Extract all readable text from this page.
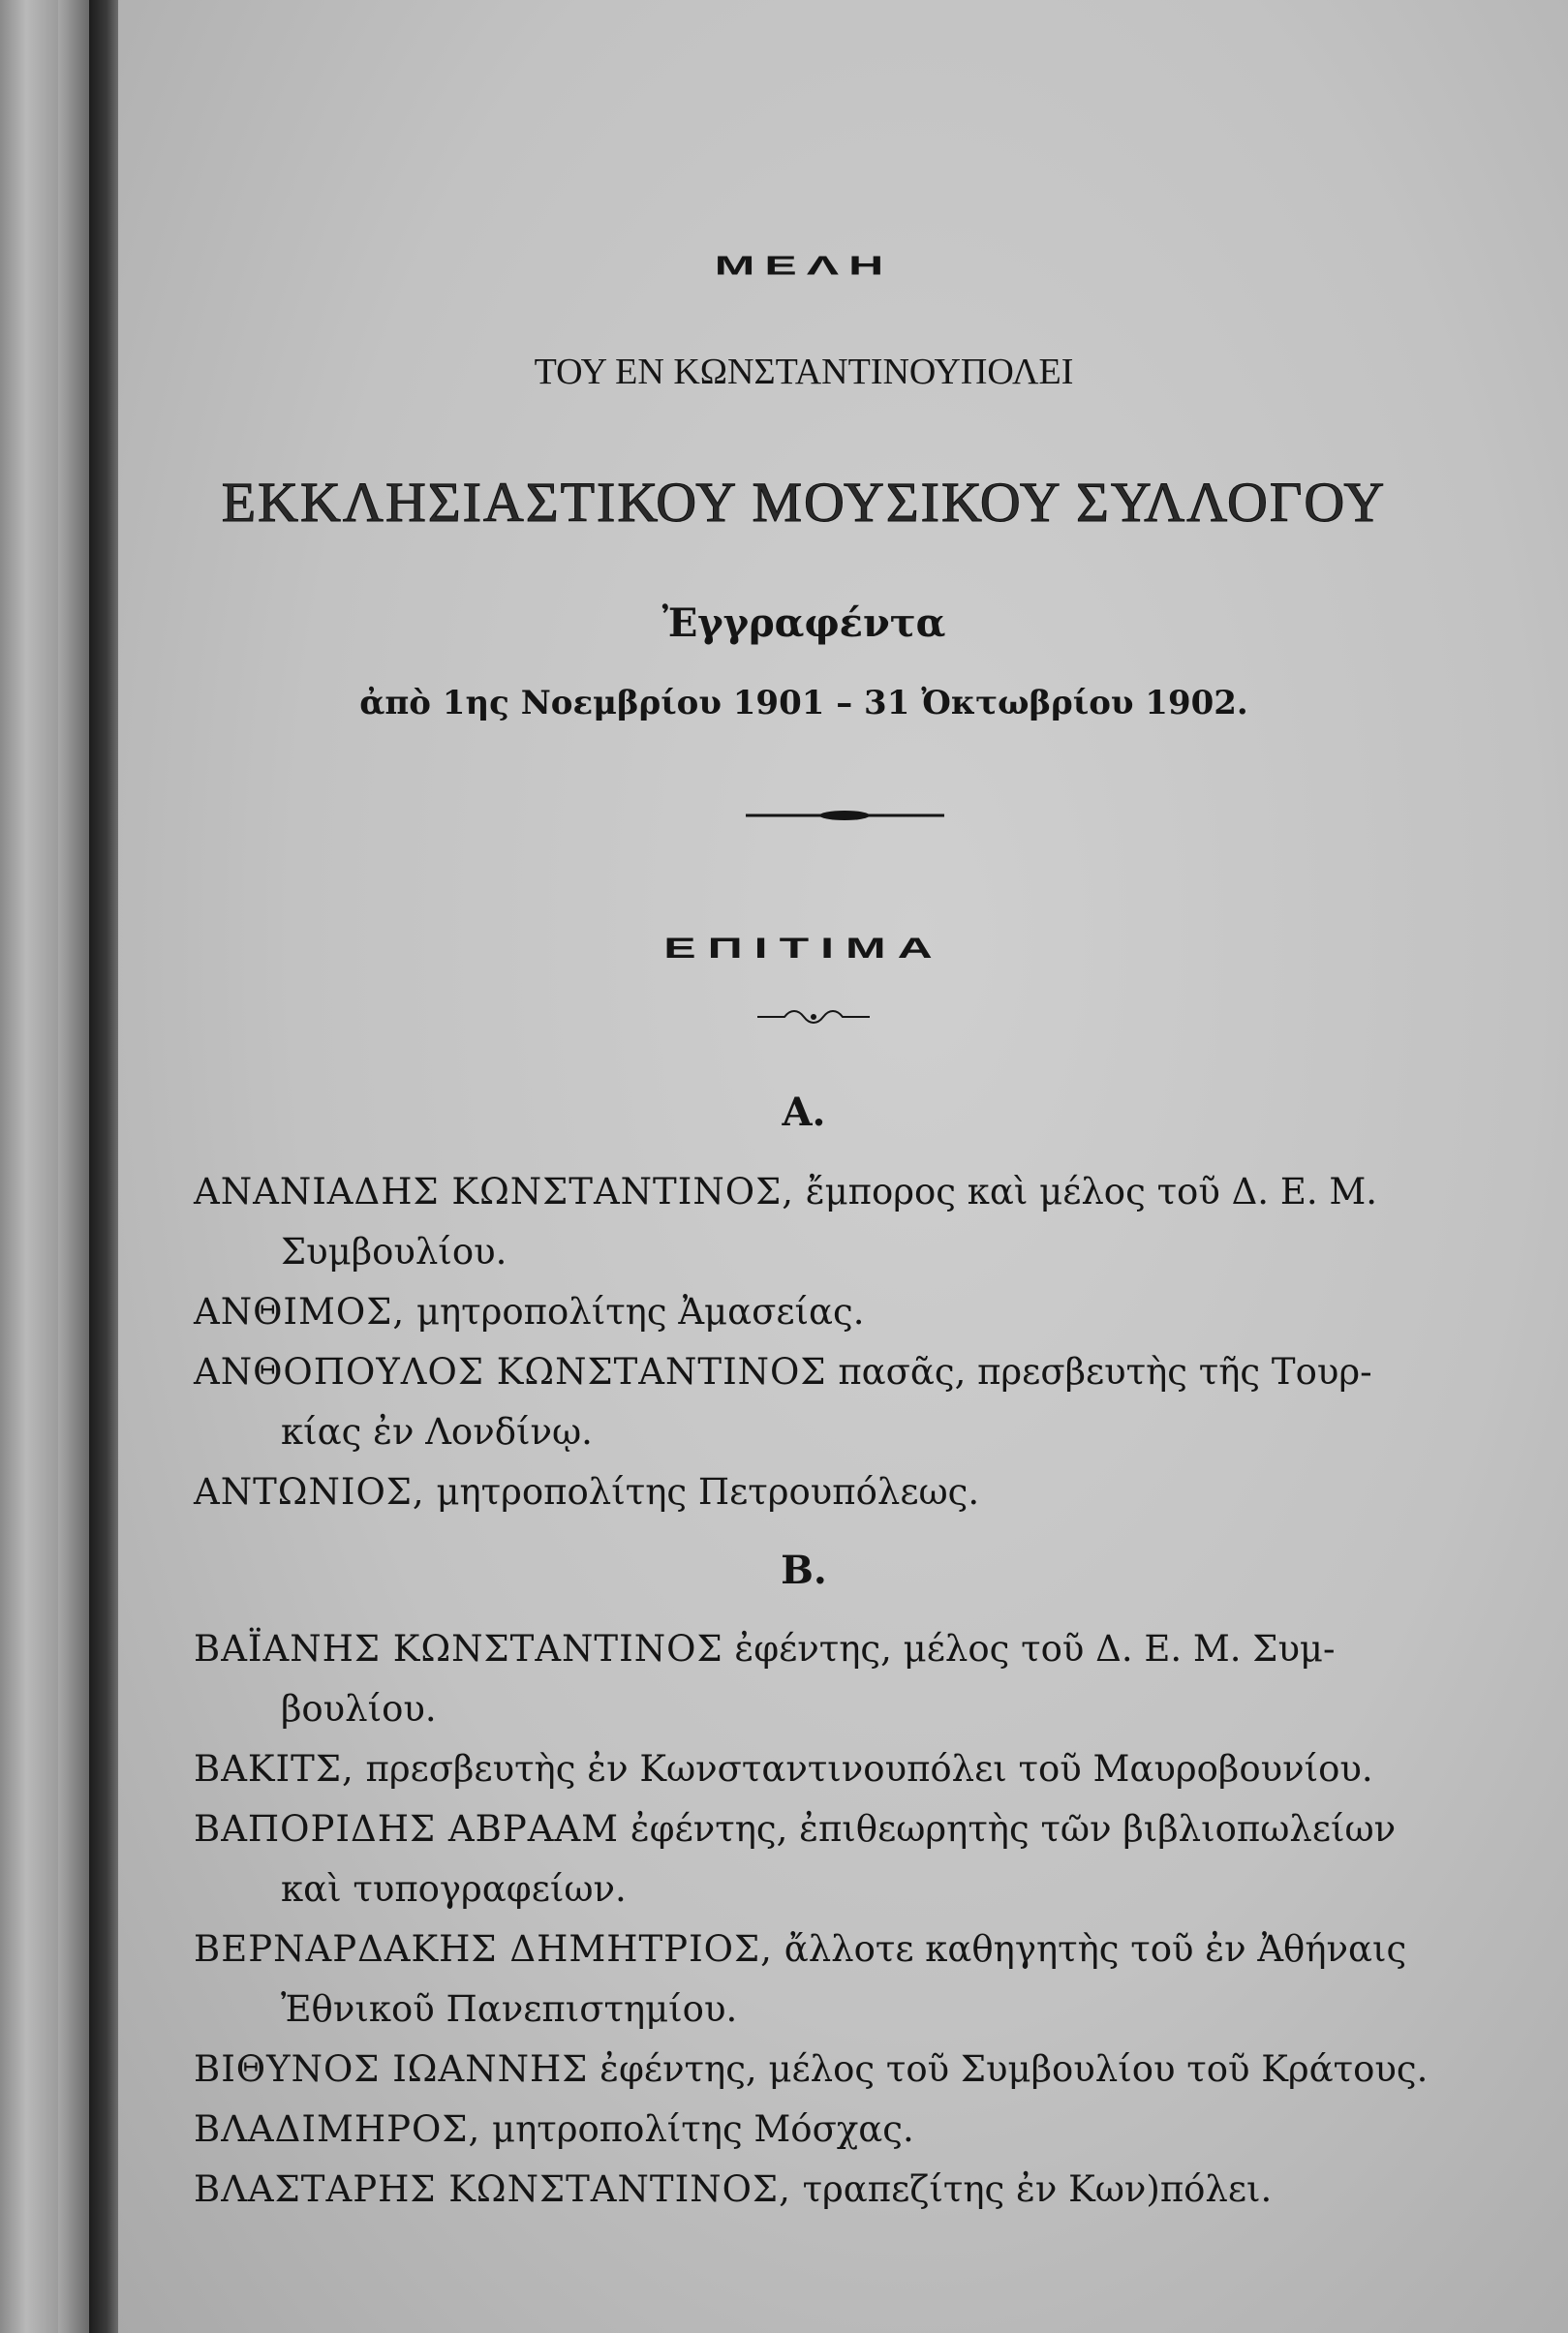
ΜΕΛΗ
ΤΟΥ ΕΝ ΚΩΝΣΤΑΝΤΙΝΟΥΠΟΛΕΙ
ΕΚΚΛΗΣΙΑΣΤΙΚΟΥ ΜΟΥΣΙΚΟΥ ΣΥΛΛΟΓΟΥ
Ἐγγραφέντα
ἀπὸ 1ης Νοεμβρίου 1901 – 31 Ὀκτωβρίου 1902.
ΕΠΙΤΙΜΑ
Α.
ΑΝΑΝΙΑΔΗΣ ΚΩΝΣΤΑΝΤΙΝΟΣ, ἔμπορος καὶ μέλος τοῦ Δ. Ε. Μ.
Συμβουλίου.
ΑΝΘΙΜΟΣ, μητροπολίτης Ἀμασείας.
ΑΝΘΟΠΟΥΛΟΣ ΚΩΝΣΤΑΝΤΙΝΟΣ πασᾶς, πρεσβευτὴς τῆς Τουρ-
κίας ἐν Λονδίνῳ.
ΑΝΤΩΝΙΟΣ, μητροπολίτης Πετρουπόλεως.
Β.
ΒΑΪΑΝΗΣ ΚΩΝΣΤΑΝΤΙΝΟΣ ἐφέντης, μέλος τοῦ Δ. Ε. Μ. Συμ-
βουλίου.
ΒΑΚΙΤΣ, πρεσβευτὴς ἐν Κωνσταντινουπόλει τοῦ Μαυροβουνίου.
ΒΑΠΟΡΙΔΗΣ ΑΒΡΑΑΜ ἐφέντης, ἐπιθεωρητὴς τῶν βιβλιοπωλείων
καὶ τυπογραφείων.
ΒΕΡΝΑΡΔΑΚΗΣ ΔΗΜΗΤΡΙΟΣ, ἄλλοτε καθηγητὴς τοῦ ἐν Ἀθήναις
Ἐθνικοῦ Πανεπιστημίου.
ΒΙΘΥΝΟΣ ΙΩΑΝΝΗΣ ἐφέντης, μέλος τοῦ Συμβουλίου τοῦ Κράτους.
ΒΛΑΔΙΜΗΡΟΣ, μητροπολίτης Μόσχας.
ΒΛΑΣΤΑΡΗΣ ΚΩΝΣΤΑΝΤΙΝΟΣ, τραπεζίτης ἐν Κων)πόλει.
